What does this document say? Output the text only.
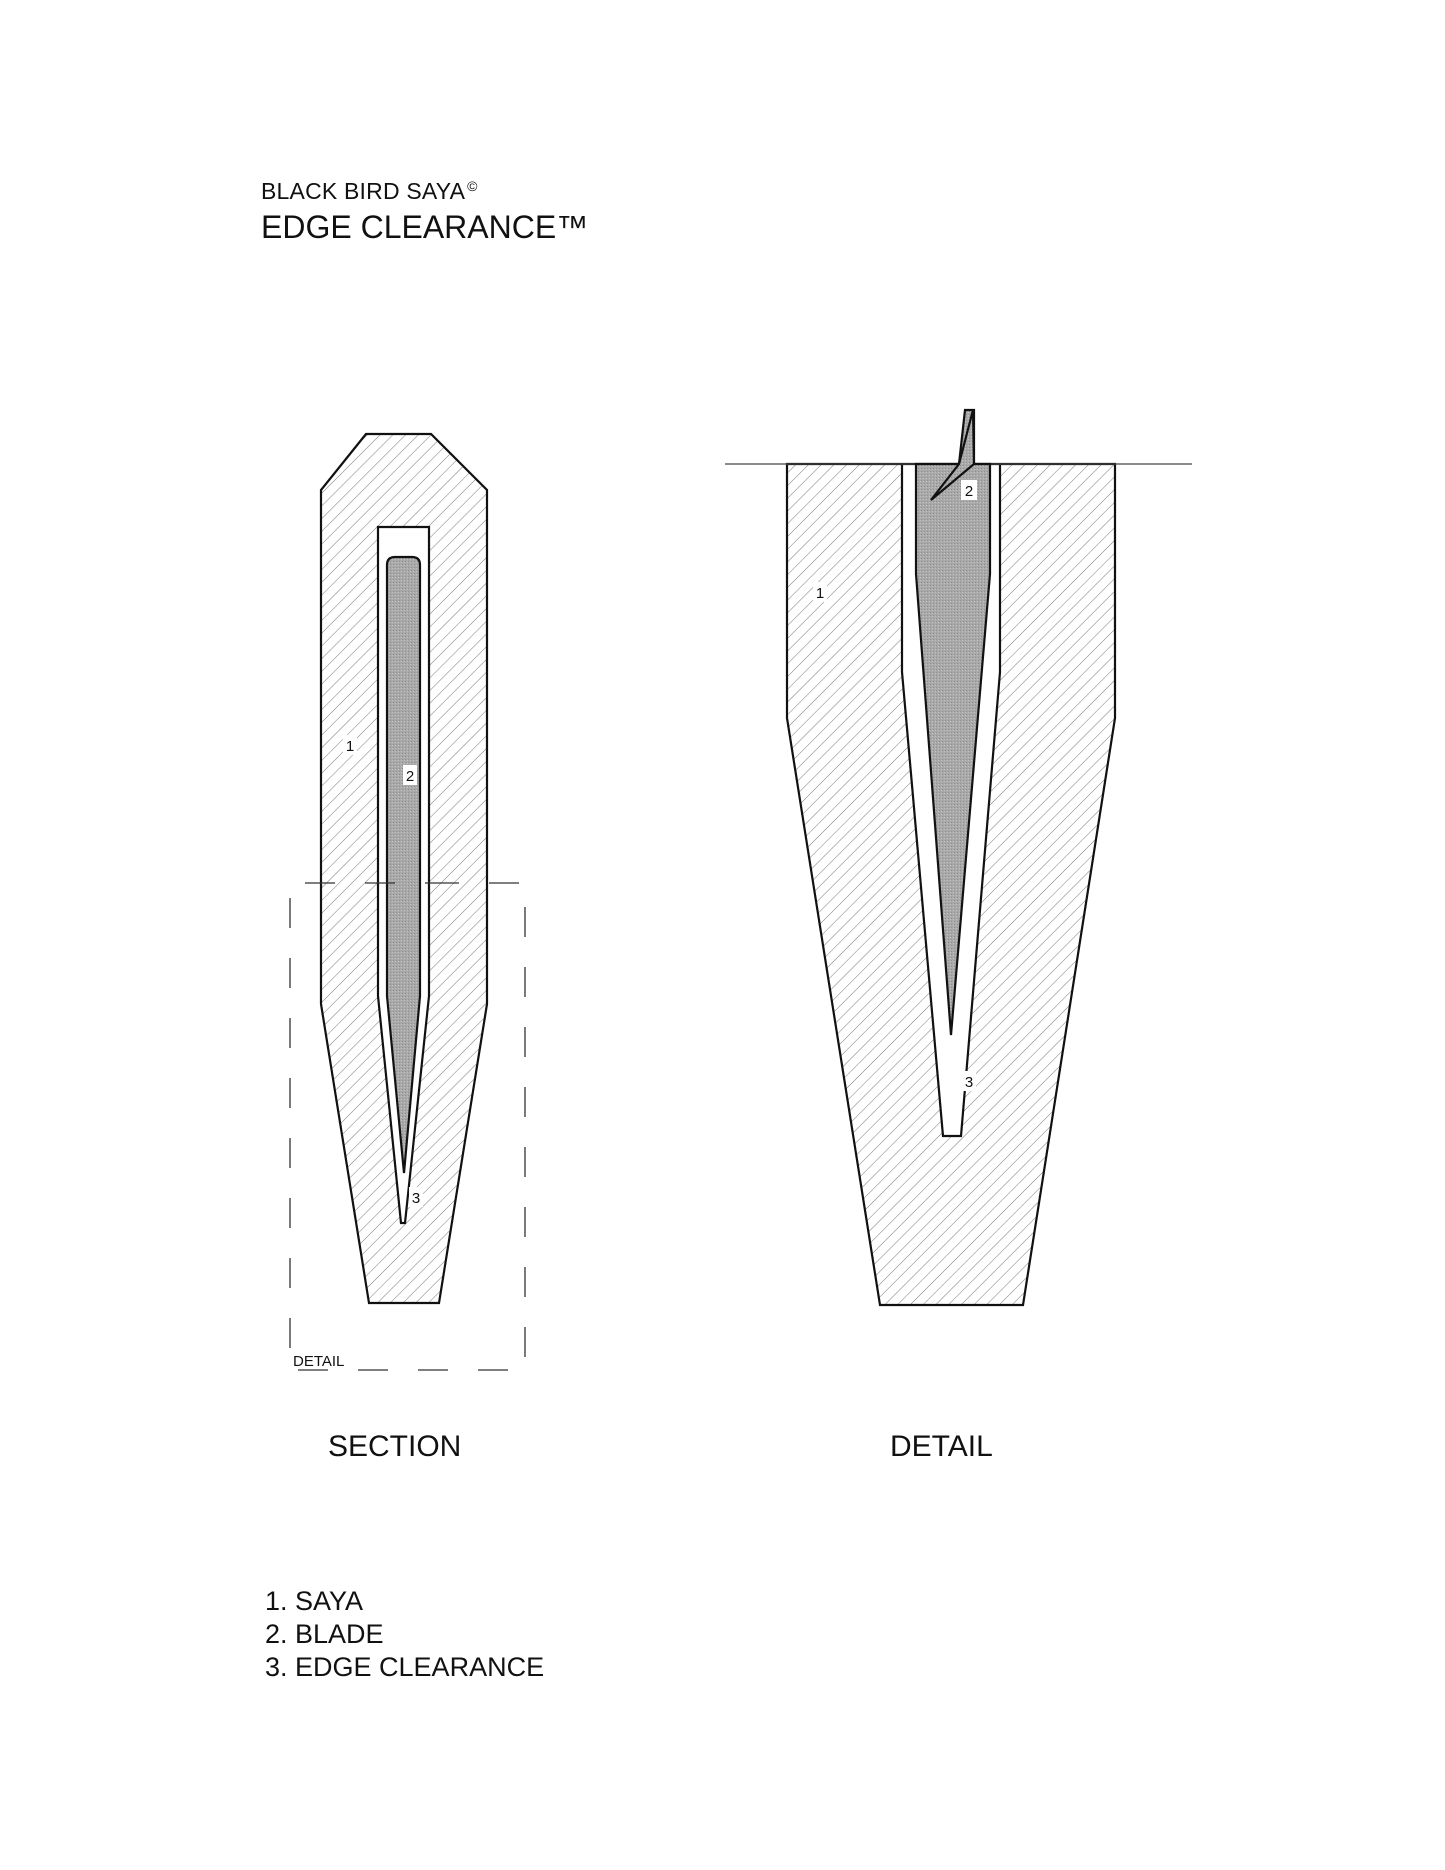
BLACK BIRD SAYA ©
EDGE CLEARANCE™
1
2
3
DETAIL
1
2
3
SECTION	DETAIL
1. SAYA
2. BLADE
3. EDGE CLEARANCE
